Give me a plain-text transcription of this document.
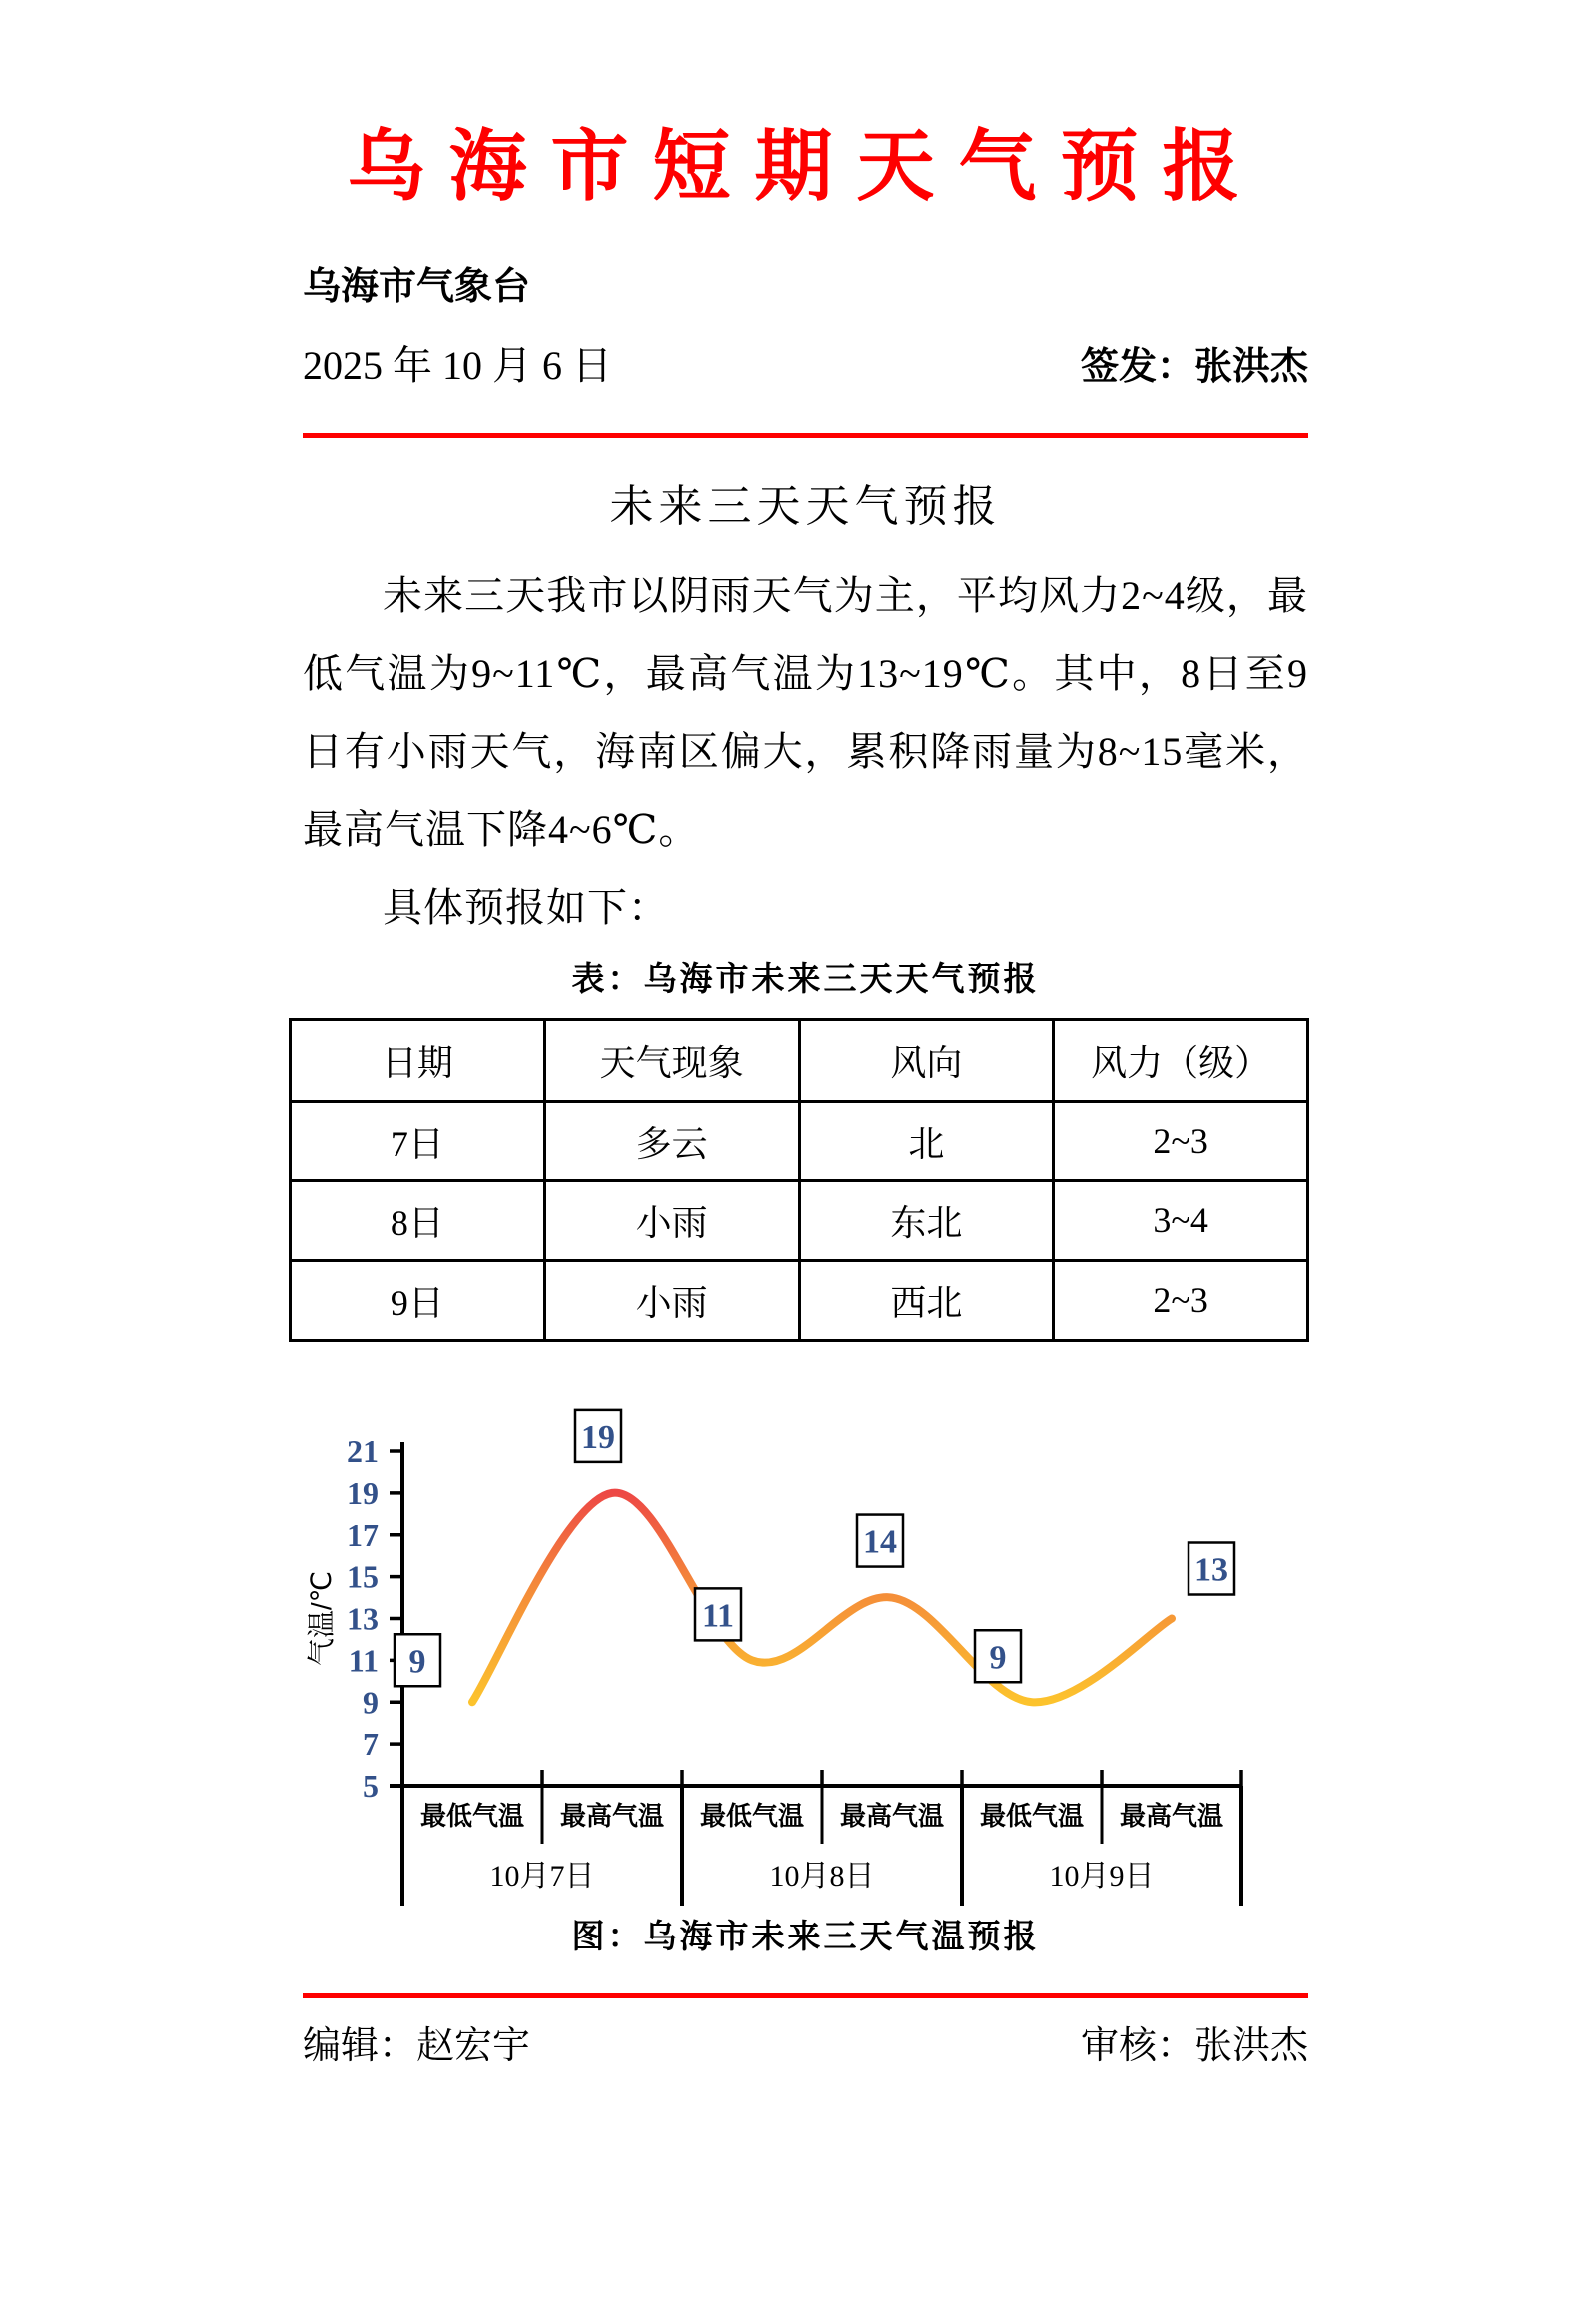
乌海市短期天气预报
乌海市气象台
2025 年 10 月 6 日	签发：张洪杰
未来三天天气预报

未来三天我市以阴雨天气为主，平均风力2~4级，最低气温为9~11℃，最高气温为13~19℃。其中，8日至9日有小雨天气，海南区偏大，累积降雨量为8~15毫米，最高气温下降4~6℃。

具体预报如下：

表：乌海市未来三天天气预报
日期	天气现象	风向	风力（级）
7日	多云	北	2~3
8日	小雨	东北	3~4
9日	小雨	西北	2~3
21
19
17
15
13
11
9
7
5
气温/℃
最低气温 最高气温 最低气温 最高气温 最低气温 最高气温
10月7日	10月8日	10月9日
9
19
11
14
9
13
图：乌海市未来三天气温预报
编辑：赵宏宇	审核：张洪杰
